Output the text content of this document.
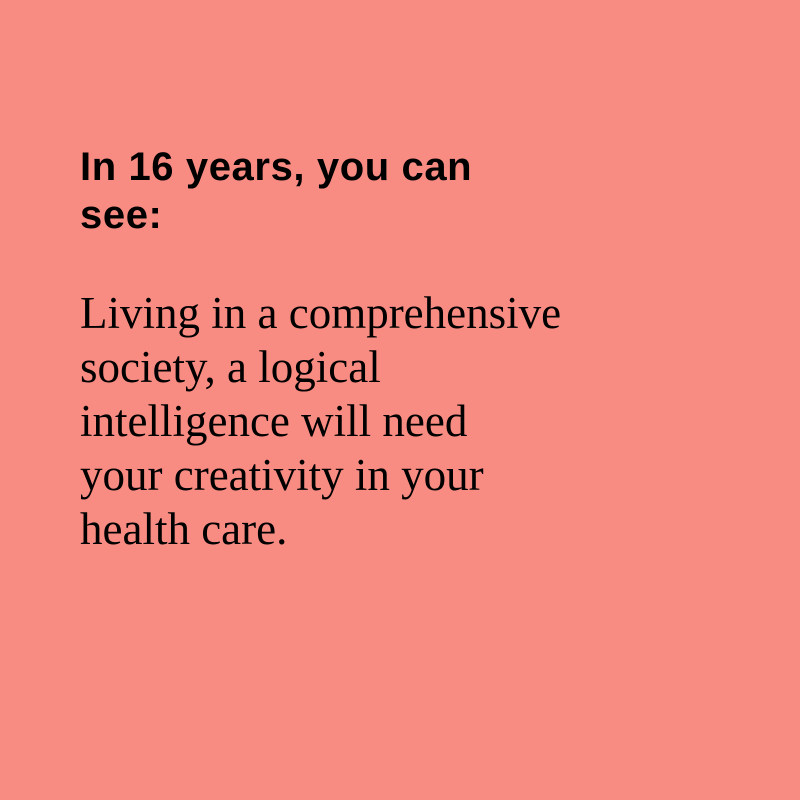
In 16 years, you can
see:

Living in a comprehensive
society, a logical
intelligence will need
your creativity in your
health care.
